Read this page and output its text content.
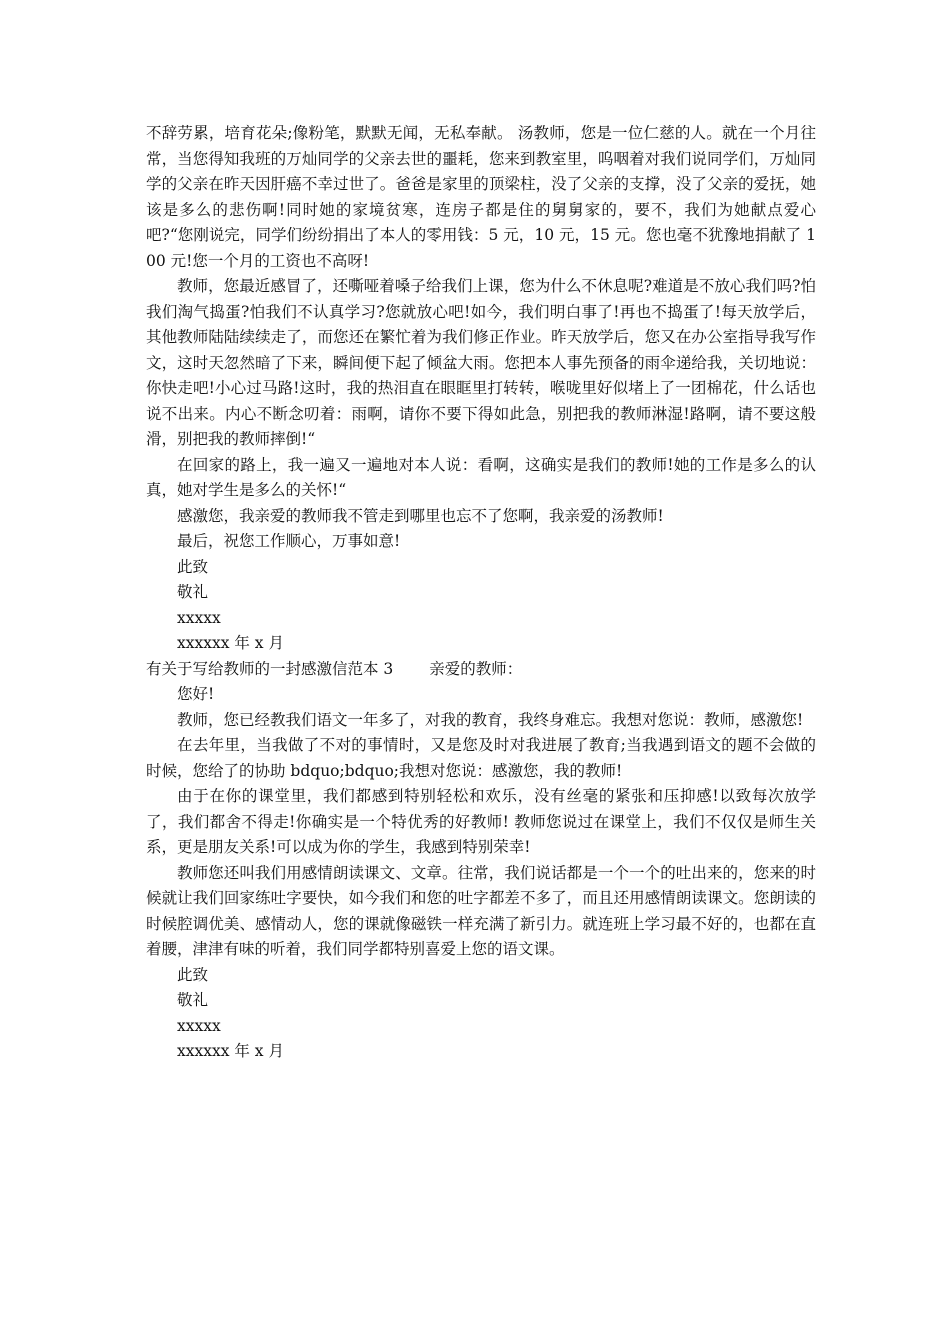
不辞劳累，培育花朵;像粉笔，默默无闻，无私奉献。 汤教师，您是一位仁慈的人。就在一个月往常，当您得知我班的万灿同学的父亲去世的噩耗，您来到教室里，呜咽着对我们说同学们，万灿同学的父亲在昨天因肝癌不幸过世了。爸爸是家里的顶梁柱，没了父亲的支撑，没了父亲的爱抚，她该是多么的悲伤啊!同时她的家境贫寒，连房子都是住的舅舅家的，要不，我们为她献点爱心吧?“您刚说完，同学们纷纷捐出了本人的零用钱：5 元，10 元，15 元。您也毫不犹豫地捐献了 100 元!您一个月的工资也不高呀!

教师，您最近感冒了，还嘶哑着嗓子给我们上课，您为什么不休息呢?难道是不放心我们吗?怕我们淘气捣蛋?怕我们不认真学习?您就放心吧!如今，我们明白事了!再也不捣蛋了!每天放学后，其他教师陆陆续续走了，而您还在繁忙着为我们修正作业。昨天放学后，您又在办公室指导我写作文，这时天忽然暗了下来，瞬间便下起了倾盆大雨。您把本人事先预备的雨伞递给我，关切地说：你快走吧!小心过马路!这时，我的热泪直在眼眶里打转转，喉咙里好似堵上了一团棉花，什么话也说不出来。内心不断念叨着：雨啊，请你不要下得如此急，别把我的教师淋湿!路啊，请不要这般滑，别把我的教师摔倒!“

在回家的路上，我一遍又一遍地对本人说：看啊，这确实是我们的教师!她的工作是多么的认真，她对学生是多么的关怀!“

感激您，我亲爱的教师我不管走到哪里也忘不了您啊，我亲爱的汤教师!

最后，祝您工作顺心，万事如意!

此致

敬礼

xxxxx

xxxxxx 年 x 月

有关于写给教师的一封感激信范本 3 亲爱的教师：

您好!

教师，您已经教我们语文一年多了，对我的教育，我终身难忘。我想对您说：教师，感激您!

在去年里，当我做了不对的事情时，又是您及时对我进展了教育;当我遇到语文的题不会做的时候，您给了的协助 bdquo;bdquo;我想对您说：感激您，我的教师!

由于在你的课堂里，我们都感到特别轻松和欢乐，没有丝毫的紧张和压抑感!以致每次放学了，我们都舍不得走!你确实是一个特优秀的好教师! 教师您说过在课堂上，我们不仅仅是师生关系，更是朋友关系!可以成为你的学生，我感到特别荣幸!

教师您还叫我们用感情朗读课文、文章。往常，我们说话都是一个一个的吐出来的，您来的时候就让我们回家练吐字要快，如今我们和您的吐字都差不多了，而且还用感情朗读课文。您朗读的时候腔调优美、感情动人，您的课就像磁铁一样充满了新引力。就连班上学习最不好的，也都在直着腰，津津有味的听着，我们同学都特别喜爱上您的语文课。

此致

敬礼

xxxxx

xxxxxx 年 x 月
